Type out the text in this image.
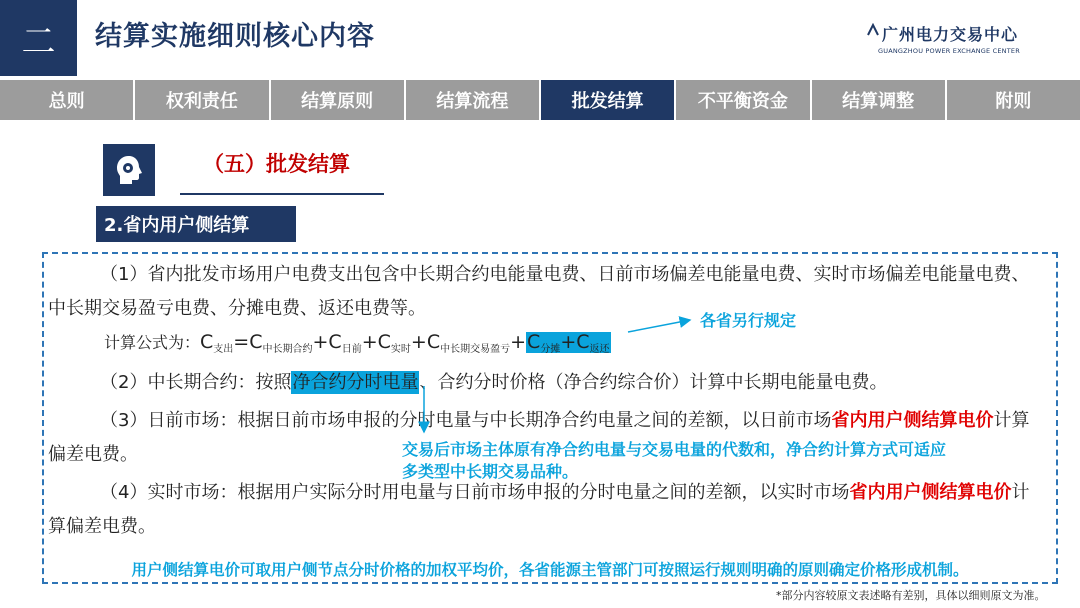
二	结算实施细则核心内容	广州电力交易中心
GUANGZHOU POWER EXCHANGE CENTER
总则	权利责任	结算原则	结算流程	批发结算	不平衡资金	结算调整	附则
（五）批发结算
2.省内用户侧结算
（1）省内批发市场用户电费支出包含中长期合约电能量电费、日前市场偏差电能量电费、实时市场偏差电能量电费、中长期交易盈亏电费、分摊电费、返还电费等。
计算公式为：$C_{支出}=C_{中长期合约}+C_{日前}+C_{实时}+C_{中长期交易盈亏}+C_{分摊}+C_{返还}$
各省另行规定
（2）中长期合约：按照净合约分时电量、合约分时价格（净合约综合价）计算中长期电能量电费。
（3）日前市场：根据日前市场申报的分时电量与中长期净合约电量之间的差额，以日前市场省内用户侧结算电价计算偏差电费。	交易后市场主体原有净合约电量与交易电量的代数和，净合约计算方式可适应
多类型中长期交易品种。
（4）实时市场：根据用户实际分时用电量与日前市场申报的分时电量之间的差额，以实时市场省内用户侧结算电价计算偏差电费。
用户侧结算电价可取用户侧节点分时价格的加权平均价，各省能源主管部门可按照运行规则明确的原则确定价格形成机制。
*部分内容较原文表述略有差别，具体以细则原文为准。
